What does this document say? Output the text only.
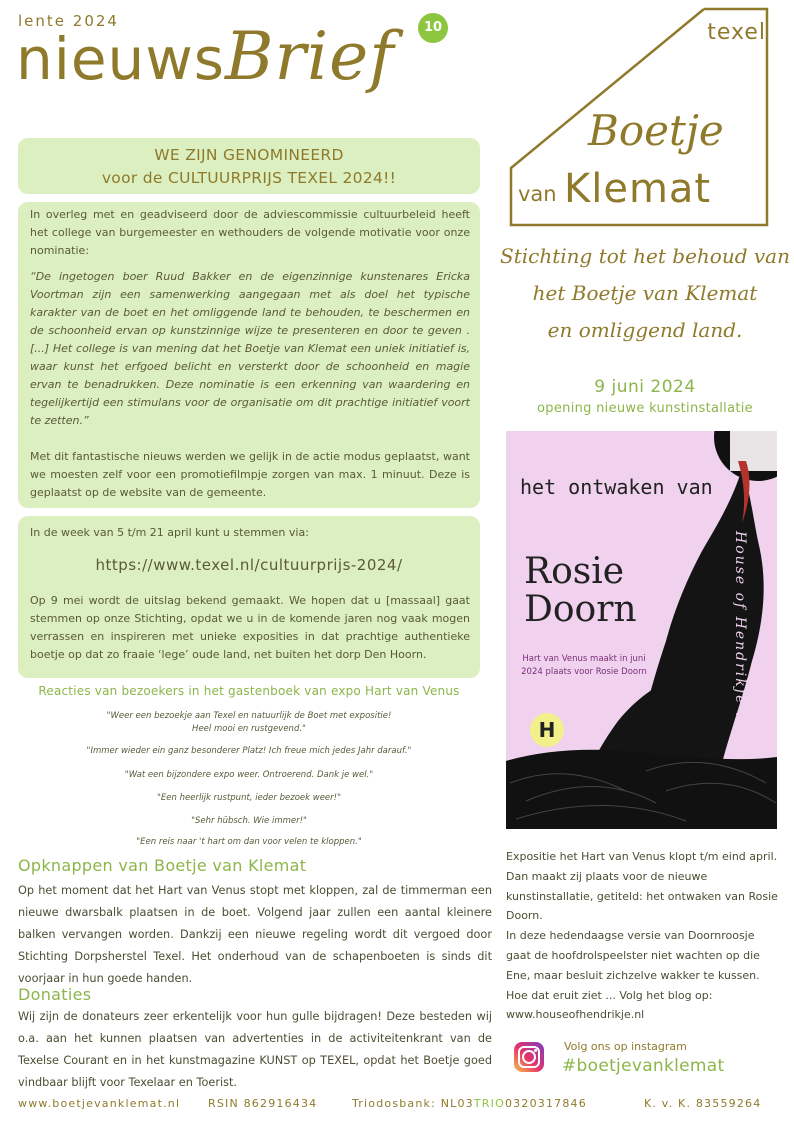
lente 2024
nieuwsBrief	10	texel
Boetje
van Klemat
Stichting tot het behoud van
het Boetje van Klemat
en omliggend land.
9 juni 2024
opening nieuwe kunstinstallatie
het ontwaken van
Rosie
Doorn	House of Hendrikje .nl
Hart van Venus maakt in juni 2024 plaats voor Rosie Doorn
H
WE ZIJN GENOMINEERD
voor de CULTUURPRIJS TEXEL 2024!!
In overleg met en geadviseerd door de adviescommissie cultuurbeleid heeft het college van burgemeester en wethouders de volgende motivatie voor onze nominatie:
“De ingetogen boer Ruud Bakker en de eigenzinnige kunstenares Ericka Voortman zijn een samenwerking aangegaan met als doel het typische karakter van de boet en het omliggende land te behouden, te beschermen en de schoonheid ervan op kunstzinnige wijze te presenteren en door te geven . [...] Het college is van mening dat het Boetje van Klemat een uniek initiatief is, waar kunst het erfgoed belicht en versterkt door de schoonheid en magie ervan te benadrukken. Deze nominatie is een erkenning van waardering en tegelijkertijd een stimulans voor de organisatie om dit prachtige initiatief voort te zetten.”
Met dit fantastische nieuws werden we gelijk in de actie modus geplaatst, want we moesten zelf voor een promotiefilmpje zorgen van max. 1 minuut. Deze is geplaatst op de website van de gemeente.
In de week van 5 t/m 21 april kunt u stemmen via:
https://www.texel.nl/cultuurprijs-2024/
Op 9 mei wordt de uitslag bekend gemaakt. We hopen dat u [massaal] gaat stemmen op onze Stichting, opdat we u in de komende jaren nog vaak mogen verrassen en inspireren met unieke exposities in dat prachtige authentieke boetje op dat zo fraaie ‘lege’ oude land, net buiten het dorp Den Hoorn.
Reacties van bezoekers in het gastenboek van expo Hart van Venus
"Weer een bezoekje aan Texel en natuurlijk de Boet met expositie!
Heel mooi en rustgevend."
"Immer wieder ein ganz besonderer Platz! Ich freue mich jedes Jahr darauf."
"Wat een bijzondere expo weer. Ontroerend. Dank je wel."
"Een heerlijk rustpunt, ieder bezoek weer!"
"Sehr hübsch. Wie immer!"
"Een reis naar 't hart om dan voor velen te kloppen."
Opknappen van Boetje van Klemat
Op het moment dat het Hart van Venus stopt met kloppen, zal de timmerman een nieuwe dwarsbalk plaatsen in de boet. Volgend jaar zullen een aantal kleinere balken vervangen worden. Dankzij een nieuwe regeling wordt dit vergoed door Stichting Dorpsherstel Texel. Het onderhoud van de schapenboeten is sinds dit voorjaar in hun goede handen.
Donaties
Wij zijn de donateurs zeer erkentelijk voor hun gulle bijdragen! Deze besteden wij o.a. aan het kunnen plaatsen van advertenties in de activiteitenkrant van de Texelse Courant en in het kunstmagazine KUNST op TEXEL, opdat het Boetje goed vindbaar blijft voor Texelaar en Toerist.
Expositie het Hart van Venus klopt t/m eind april. Dan maakt zij plaats voor de nieuwe kunstinstallatie, getiteld: het ontwaken van Rosie Doorn.
In deze hedendaagse versie van Doornroosje gaat de hoofdrolspeelster niet wachten op die Ene, maar besluit zichzelve wakker te kussen. Hoe dat eruit ziet ... Volg het blog op: www.houseofhendrikje.nl
Volg ons op instagram
#boetjevanklemat
www.boetjevanklemat.nl	RSIN 862916434	Triodosbank: NL03TRIO0320317846	K. v. K. 83559264
